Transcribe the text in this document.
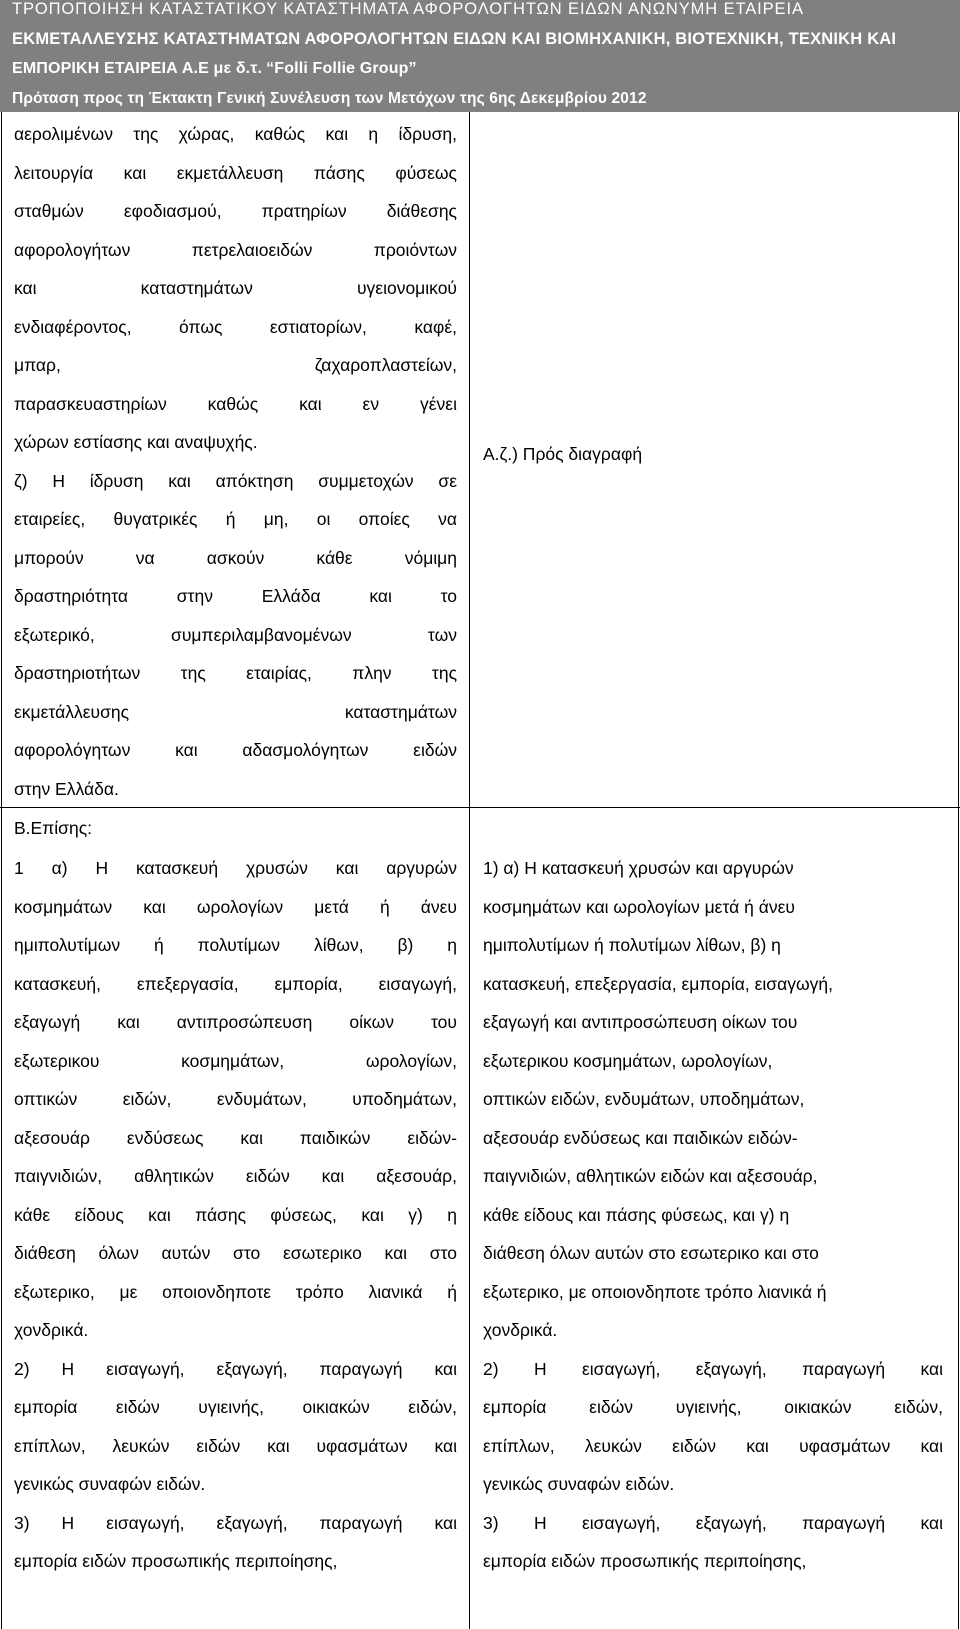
ΤΡΟΠΟΠΟΙΗΣΗ ΚΑΤΑΣΤΑΤΙΚΟΥ ΚΑΤΑΣΤΗΜΑΤΑ ΑΦΟΡΟΛΟΓΗΤΩΝ ΕΙΔΩΝ ΑΝΩΝΥΜΗ ΕΤΑΙΡΕΙΑ
ΕΚΜΕΤΑΛΛΕΥΣΗΣ ΚΑΤΑΣΤΗΜΑΤΩΝ ΑΦΟΡΟΛΟΓΗΤΩΝ ΕΙΔΩΝ ΚΑΙ ΒΙΟΜΗΧΑΝΙΚΗ, ΒΙΟΤΕΧΝΙΚΗ, ΤΕΧΝΙΚΗ ΚΑΙ
ΕΜΠΟΡΙΚΗ ΕΤΑΙΡΕΙΑ Α.Ε με δ.τ. “Folli Follie Group”
Πρόταση προς τη Έκτακτη Γενική Συνέλευση των Μετόχων της 6ης Δεκεμβρίου 2012

αερολιμένων της χώρας, καθώς και η ίδρυση,

λειτουργία και εκμετάλλευση πάσης φύσεως

σταθμών εφοδιασμού, πρατηρίων διάθεσης

αφορολογήτων πετρελαιοειδών προιόντων

και καταστημάτων υγειονομικού

ενδιαφέροντος, όπως εστιατορίων, καφέ,

μπαρ, ζαχαροπλαστείων,

παρασκευαστηρίων καθώς και εν γένει

χώρων εστίασης και αναψυχής.

ζ) Η ίδρυση και απόκτηση συμμετοχών σε

εταιρείες, θυγατρικές ή μη, οι οποίες να

μπορούν να ασκούν κάθε νόμιμη

δραστηριότητα στην Ελλάδα και το

εξωτερικό, συμπεριλαμβανομένων των

δραστηριοτήτων της εταιρίας, πλην της

εκμετάλλευσης καταστημάτων

αφορολόγητων και αδασμολόγητων ειδών

στην Ελλάδα.

Α.ζ.) Πρός διαγραφή

Β.Επίσης:

1 α) Η κατασκευή χρυσών και αργυρών

κοσμημάτων και ωρολογίων μετά ή άνευ

ημιπολυτίμων ή πολυτίμων λίθων, β) η

κατασκευή, επεξεργασία, εμπορία, εισαγωγή,

εξαγωγή και αντιπροσώπευση οίκων του

εξωτερικου κοσμημάτων, ωρολογίων,

οπτικών ειδών, ενδυμάτων, υποδημάτων,

αξεσουάρ ενδύσεως και παιδικών ειδών-

παιγνιδιών, αθλητικών ειδών και αξεσουάρ,

κάθε είδους και πάσης φύσεως, και γ) η

διάθεση όλων αυτών στο εσωτερικο και στο

εξωτερικο, με οποιονδηποτε τρόπο λιανικά ή

χονδρικά.

2) Η εισαγωγή, εξαγωγή, παραγωγή και

εμπορία ειδών υγιεινής, οικιακών ειδών,

επίπλων, λευκών ειδών και υφασμάτων και

γενικώς συναφών ειδών.

3) Η εισαγωγή, εξαγωγή, παραγωγή και

εμπορία ειδών προσωπικής περιποίησης,

1) α) Η κατασκευή χρυσών και αργυρών

κοσμημάτων και ωρολογίων μετά ή άνευ

ημιπολυτίμων ή πολυτίμων λίθων, β) η

κατασκευή, επεξεργασία, εμπορία, εισαγωγή,

εξαγωγή και αντιπροσώπευση οίκων του

εξωτερικου κοσμημάτων, ωρολογίων,

οπτικών ειδών, ενδυμάτων, υποδημάτων,

αξεσουάρ ενδύσεως και παιδικών ειδών-

παιγνιδιών, αθλητικών ειδών και αξεσουάρ,

κάθε είδους και πάσης φύσεως, και γ) η

διάθεση όλων αυτών στο εσωτερικο και στο

εξωτερικο, με οποιονδηποτε τρόπο λιανικά ή

χονδρικά.

2) Η εισαγωγή, εξαγωγή, παραγωγή και

εμπορία ειδών υγιεινής, οικιακών ειδών,

επίπλων, λευκών ειδών και υφασμάτων και

γενικώς συναφών ειδών.

3) Η εισαγωγή, εξαγωγή, παραγωγή και

εμπορία ειδών προσωπικής περιποίησης,
